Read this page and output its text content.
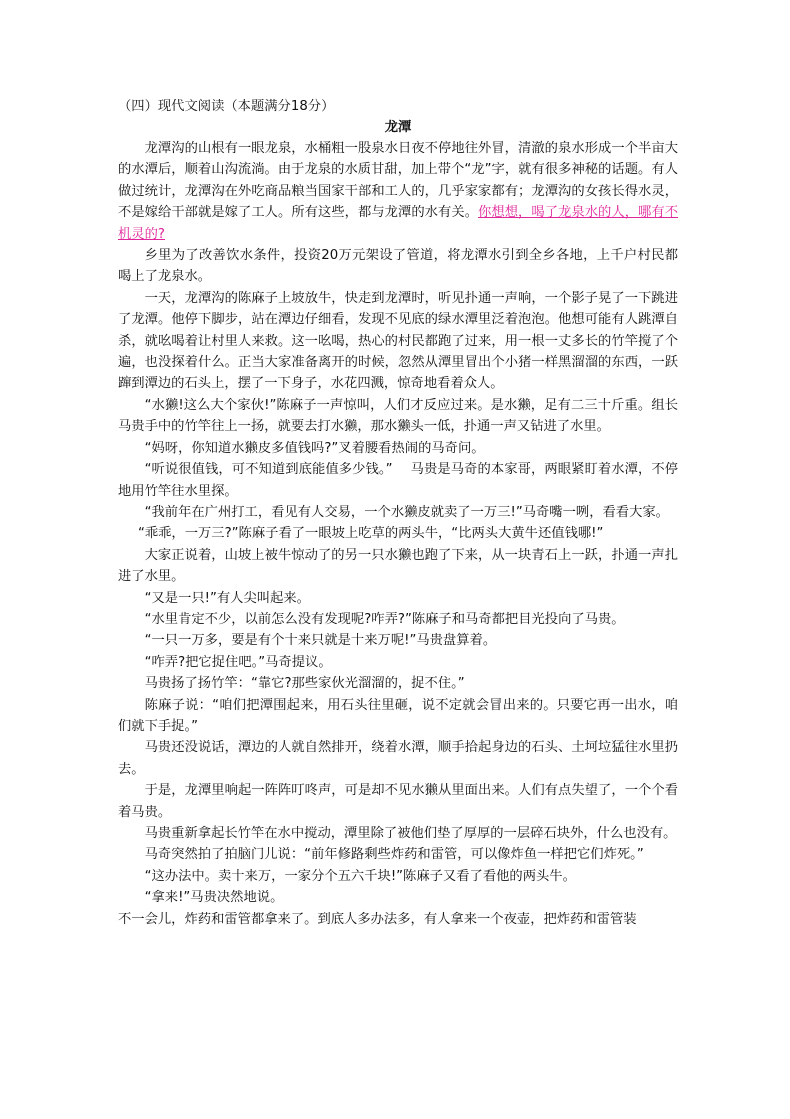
（四）现代文阅读（本题满分18分）
龙潭

龙潭沟的山根有一眼龙泉，水桶粗一股泉水日夜不停地往外冒，清澈的泉水形成一个半亩大的水潭后，顺着山沟流淌。由于龙泉的水质甘甜，加上带个“龙”字，就有很多神秘的话题。有人做过统计，龙潭沟在外吃商品粮当国家干部和工人的，几乎家家都有；龙潭沟的女孩长得水灵，不是嫁给干部就是嫁了工人。所有这些，都与龙潭的水有关。你想想，喝了龙泉水的人，哪有不机灵的?

乡里为了改善饮水条件，投资20万元架设了管道，将龙潭水引到全乡各地，上千户村民都喝上了龙泉水。

一天，龙潭沟的陈麻子上坡放牛，快走到龙潭时，听见扑通一声响，一个影子晃了一下跳进了龙潭。他停下脚步，站在潭边仔细看，发现不见底的绿水潭里泛着泡泡。他想可能有人跳潭自杀，就吆喝着让村里人来救。这一吆喝，热心的村民都跑了过来，用一根一丈多长的竹竿搅了个遍，也没探着什么。正当大家准备离开的时候，忽然从潭里冒出个小猪一样黑溜溜的东西，一跃蹿到潭边的石头上，摆了一下身子，水花四溅，惊奇地看着众人。

“水獭!这么大个家伙!”陈麻子一声惊叫，人们才反应过来。是水獭，足有二三十斤重。组长马贵手中的竹竿往上一扬，就要去打水獭，那水獭头一低，扑通一声又钻进了水里。

“妈呀，你知道水獭皮多值钱吗?”叉着腰看热闹的马奇问。

“听说很值钱，可不知道到底能值多少钱。” 马贵是马奇的本家哥，两眼紧盯着水潭，不停地用竹竿往水里探。

“我前年在广州打工，看见有人交易，一个水獭皮就卖了一万三!”马奇嘴一咧，看看大家。

“乖乖，一万三?”陈麻子看了一眼坡上吃草的两头牛，“比两头大黄牛还值钱哪!”

大家正说着，山坡上被牛惊动了的另一只水獭也跑了下来，从一块青石上一跃，扑通一声扎进了水里。

“又是一只!”有人尖叫起来。

“水里肯定不少，以前怎么没有发现呢?咋弄?”陈麻子和马奇都把目光投向了马贵。

“一只一万多，要是有个十来只就是十来万呢!”马贵盘算着。

“咋弄?把它捉住吧。”马奇提议。

马贵扬了扬竹竿：“靠它?那些家伙光溜溜的，捉不住。”

陈麻子说：“咱们把潭围起来，用石头往里砸，说不定就会冒出来的。只要它再一出水，咱们就下手捉。”

马贵还没说话，潭边的人就自然排开，绕着水潭，顺手拾起身边的石头、土坷垃猛往水里扔去。

于是，龙潭里响起一阵阵叮咚声，可是却不见水獭从里面出来。人们有点失望了，一个个看着马贵。

马贵重新拿起长竹竿在水中搅动，潭里除了被他们垫了厚厚的一层碎石块外，什么也没有。

马奇突然拍了拍脑门儿说：“前年修路剩些炸药和雷管，可以像炸鱼一样把它们炸死。”

“这办法中。卖十来万，一家分个五六千块!”陈麻子又看了看他的两头牛。

“拿来!”马贵决然地说。

不一会儿，炸药和雷管都拿来了。到底人多办法多，有人拿来一个夜壶，把炸药和雷管装
